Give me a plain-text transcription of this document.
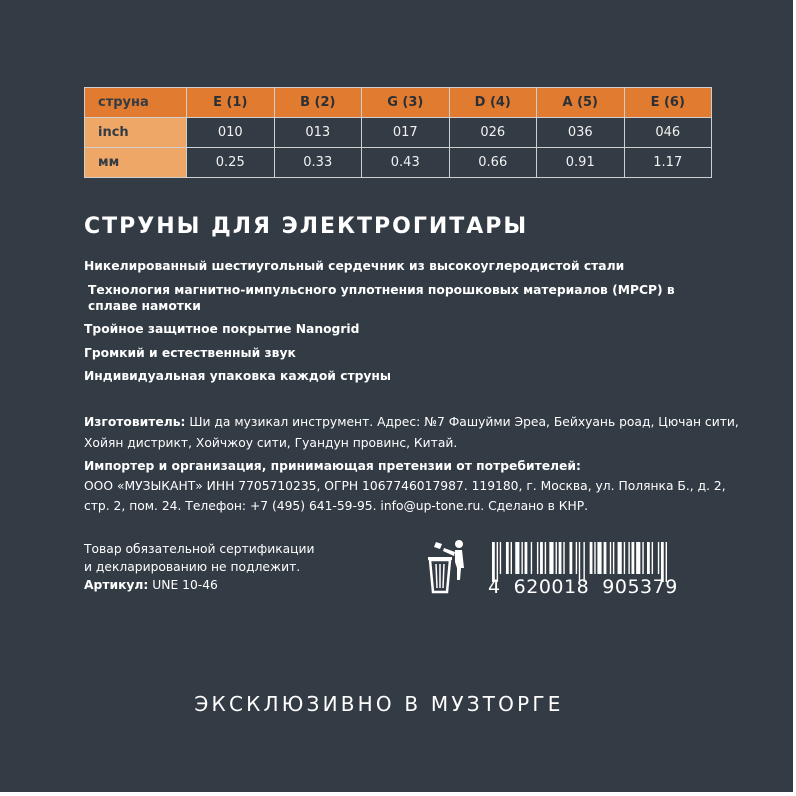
струна	E (1)	B (2)	G (3)	D (4)	A (5)	E (6)
inch	010	013	017	026	036	046
мм	0.25	0.33	0.43	0.66	0.91	1.17
СТРУНЫ ДЛЯ ЭЛЕКТРОГИТАРЫ

Никелированный шестиугольный сердечник из высокоуглеродистой стали

Технология магнитно-импульсного уплотнения порошковых материалов (МРСР) в сплаве намотки

Тройное защитное покрытие Nanogrid

Громкий и естественный звук

Индивидуальная упаковка каждой струны

Изготовитель: Ши да музикал инструмент. Адрес: №7 Фашуйми Эреа, Бейхуань роад, Цючан сити, Хойян дистрикт, Хойчжоу сити, Гуандун провинс, Китай.
Импортер и организация, принимающая претензии от потребителей:
ООО «МУЗЫКАНТ» ИНН 7705710235, ОГРН 1067746017987. 119180, г. Москва, ул. Полянка Б., д. 2, стр. 2, пом. 24. Телефон: +7 (495) 641-59-95. info@up-tone.ru. Сделано в КНР.
Товар обязательной сертификации
и декларированию не подлежит.
Артикул: UNE 10-46	4  620018  905379
ЭКСКЛЮЗИВНО В МУЗТОРГЕ
